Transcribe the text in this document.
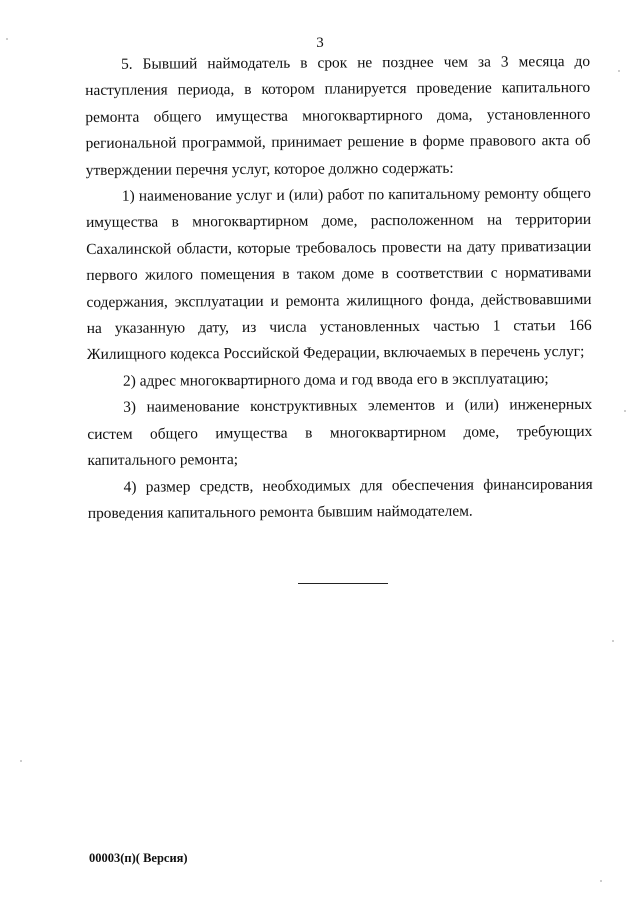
3

5. Бывший наймодатель в срок не позднее чем за 3 месяца до наступления периода, в котором планируется проведение капитального ремонта общего имущества многоквартирного дома, установленного региональной программой, принимает решение в форме правового акта об утверждении перечня услуг, которое должно содержать:

1) наименование услуг и (или) работ по капитальному ремонту общего имущества в многоквартирном доме, расположенном на территории Сахалинской области, которые требовалось провести на дату приватизации первого жилого помещения в таком доме в соответствии с нормативами содержания, эксплуатации и ремонта жилищного фонда, действовавшими на указанную дату, из числа установленных частью 1 статьи 166 Жилищного кодекса Российской Федерации, включаемых в перечень услуг;

2) адрес многоквартирного дома и год ввода его в эксплуатацию;

3) наименование конструктивных элементов и (или) инженерных систем общего имущества в многоквартирном доме, требующих капитального ремонта;

4) размер средств, необходимых для обеспечения финансирования проведения капитального ремонта бывшим наймодателем.

00003(п)( Версия)
